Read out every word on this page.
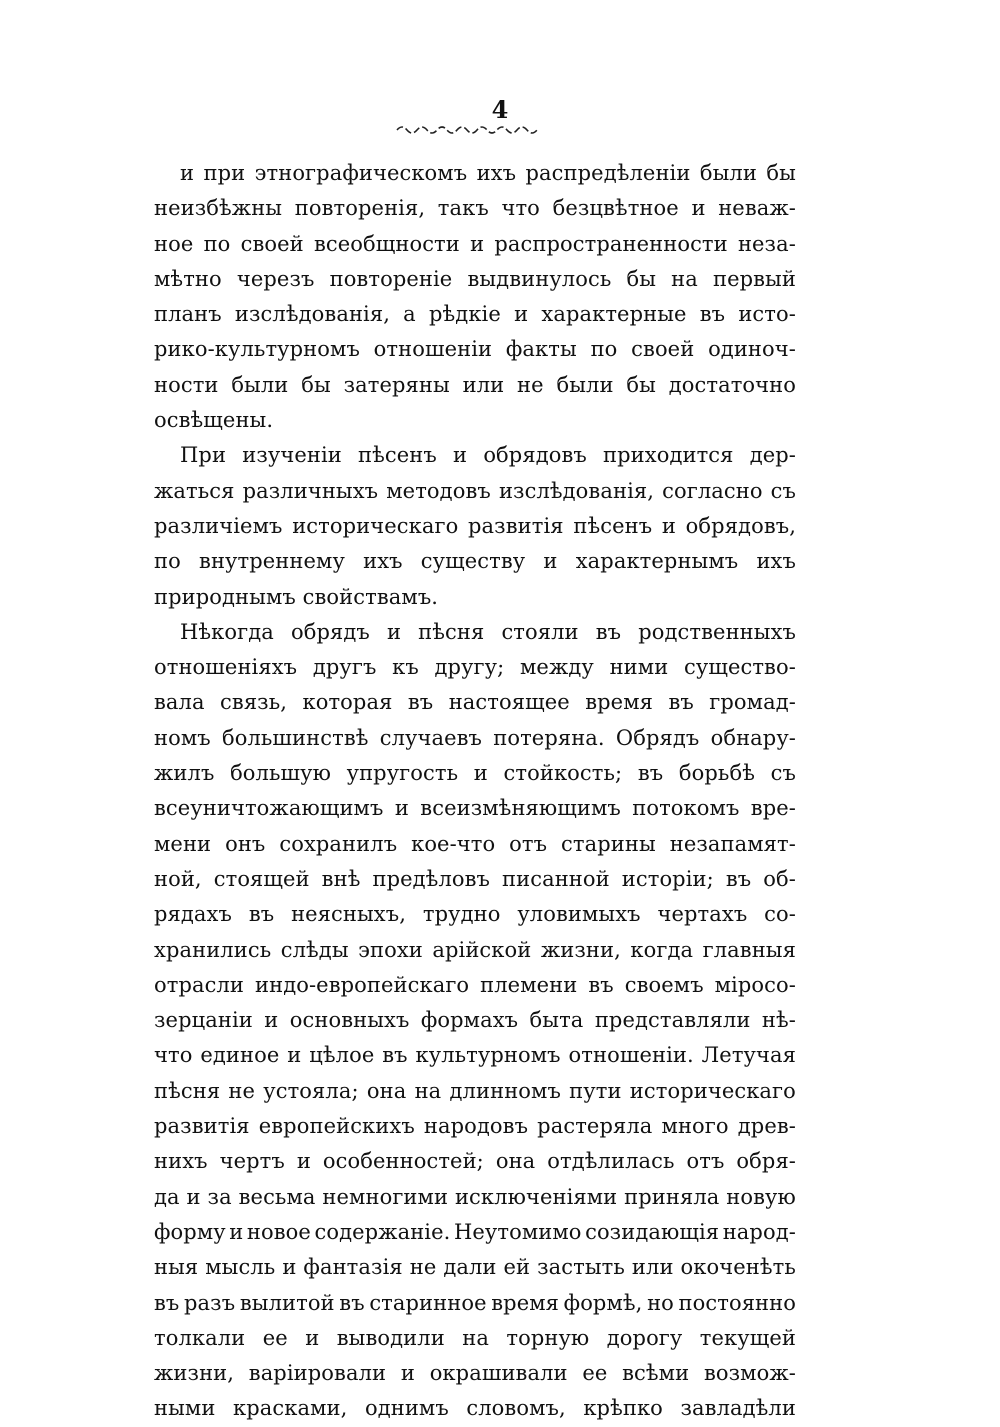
4
и при этнографическомъ ихъ распредѣленіи были бы
неизбѣжны повторенія, такъ что безцвѣтное и неваж-
ное по своей всеобщности и распространенности неза-
мѣтно черезъ повтореніе выдвинулось бы на первый
планъ изслѣдованія, а рѣдкіе и характерные въ исто-
рико-культурномъ отношеніи факты по своей одиноч-
ности были бы затеряны или не были бы достаточно
освѣщены.
При изученіи пѣсенъ и обрядовъ приходится дер-
жаться различныхъ методовъ изслѣдованія, согласно съ
различіемъ историческаго развитія пѣсенъ и обрядовъ,
по внутреннему ихъ существу и характернымъ ихъ
природнымъ свойствамъ.
Нѣкогда обрядъ и пѣсня стояли въ родственныхъ
отношеніяхъ другъ къ другу; между ними существо-
вала связь, которая въ настоящее время въ громад-
номъ большинствѣ случаевъ потеряна. Обрядъ обнару-
жилъ большую упругость и стойкость; въ борьбѣ съ
всеуничтожающимъ и всеизмѣняющимъ потокомъ вре-
мени онъ сохранилъ кое-что отъ старины незапамят-
ной, стоящей внѣ предѣловъ писанной исторіи; въ об-
рядахъ въ неясныхъ, трудно уловимыхъ чертахъ со-
хранились слѣды эпохи арійской жизни, когда главныя
отрасли индо-европейскаго племени въ своемъ міросо-
зерцаніи и основныхъ формахъ быта представляли нѣ-
что единое и цѣлое въ культурномъ отношеніи. Летучая
пѣсня не устояла; она на длинномъ пути историческаго
развитія европейскихъ народовъ растеряла много древ-
нихъ чертъ и особенностей; она отдѣлилась отъ обря-
да и за весьма немногими исключеніями приняла новую
форму и новое содержаніе. Неутомимо созидающія народ-
ныя мысль и фантазія не дали ей застыть или окоченѣть
въ разъ вылитой въ старинное время формѣ, но постоянно
толкали ее и выводили на торную дорогу текущей
жизни, варіировали и окрашивали ее всѣми возмож-
ными красками, однимъ словомъ, крѣпко завладѣли
